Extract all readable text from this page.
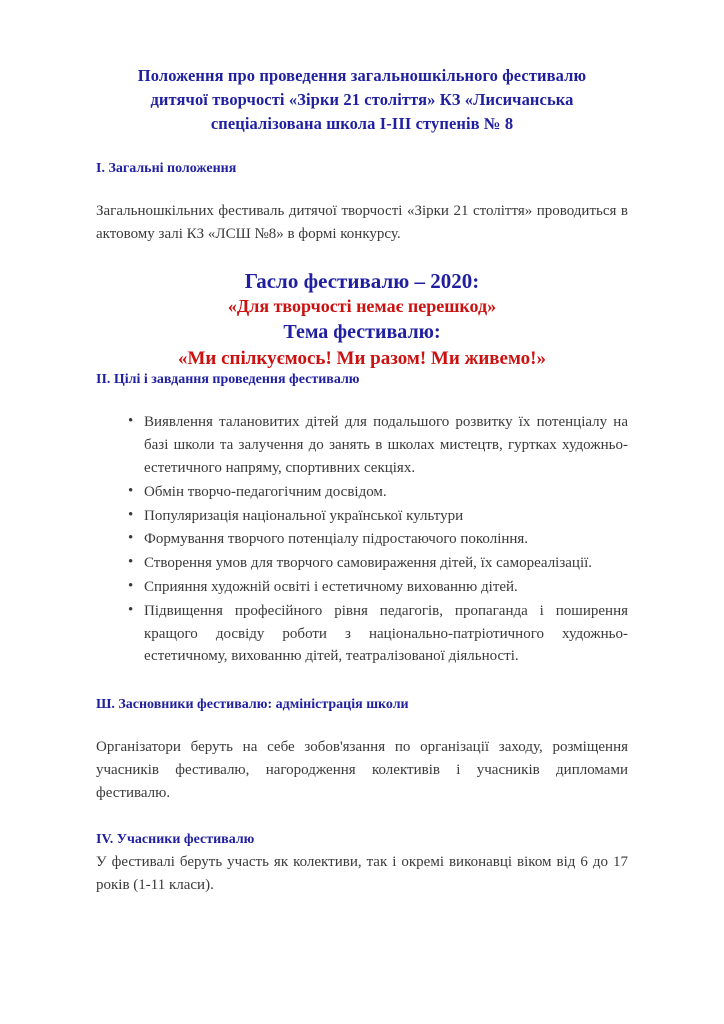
Положення про проведення загальношкільного фестивалю
дитячої творчості «Зірки 21 століття» КЗ «Лисичанська
спеціалізована школа І-ІІІ ступенів № 8
І. Загальні положення

Загальношкільних фестиваль дитячої творчості «Зірки 21 століття» проводиться в актовому залі КЗ «ЛСШ №8» в формі конкурсу.

Гасло фестивалю – 2020:
«Для творчості немає перешкод»
Тема фестивалю:
«Ми спілкуємось! Ми разом! Ми живемо!»
ІІ. Цілі і завдання проведення фестивалю
• Виявлення талановитих дітей для подальшого розвитку їх потенціалу на базі школи та залучення до занять в школах мистецтв, гуртках художньо-естетичного напряму, спортивних секціях.
• Обмін творчо-педагогічним досвідом.
• Популяризація національної української культури
• Формування творчого потенціалу підростаючого покоління.
• Створення умов для творчого самовираження дітей, їх самореалізації.
• Сприяння художній освіті і естетичному вихованню дітей.
• Підвищення професійного рівня педагогів, пропаганда і поширення кращого досвіду роботи з національно-патріотичного художньо-естетичному, вихованню дітей, театралізованої діяльності.
Ш. Засновники фестивалю: адміністрація школи

Організатори беруть на себе зобов'язання по організації заходу, розміщення учасників фестивалю, нагородження колективів і учасників дипломами фестивалю.

ІV. Учасники фестивалю

У фестивалі беруть участь як колективи, так і окремі виконавці віком від 6 до 17 років (1-11 класи).
